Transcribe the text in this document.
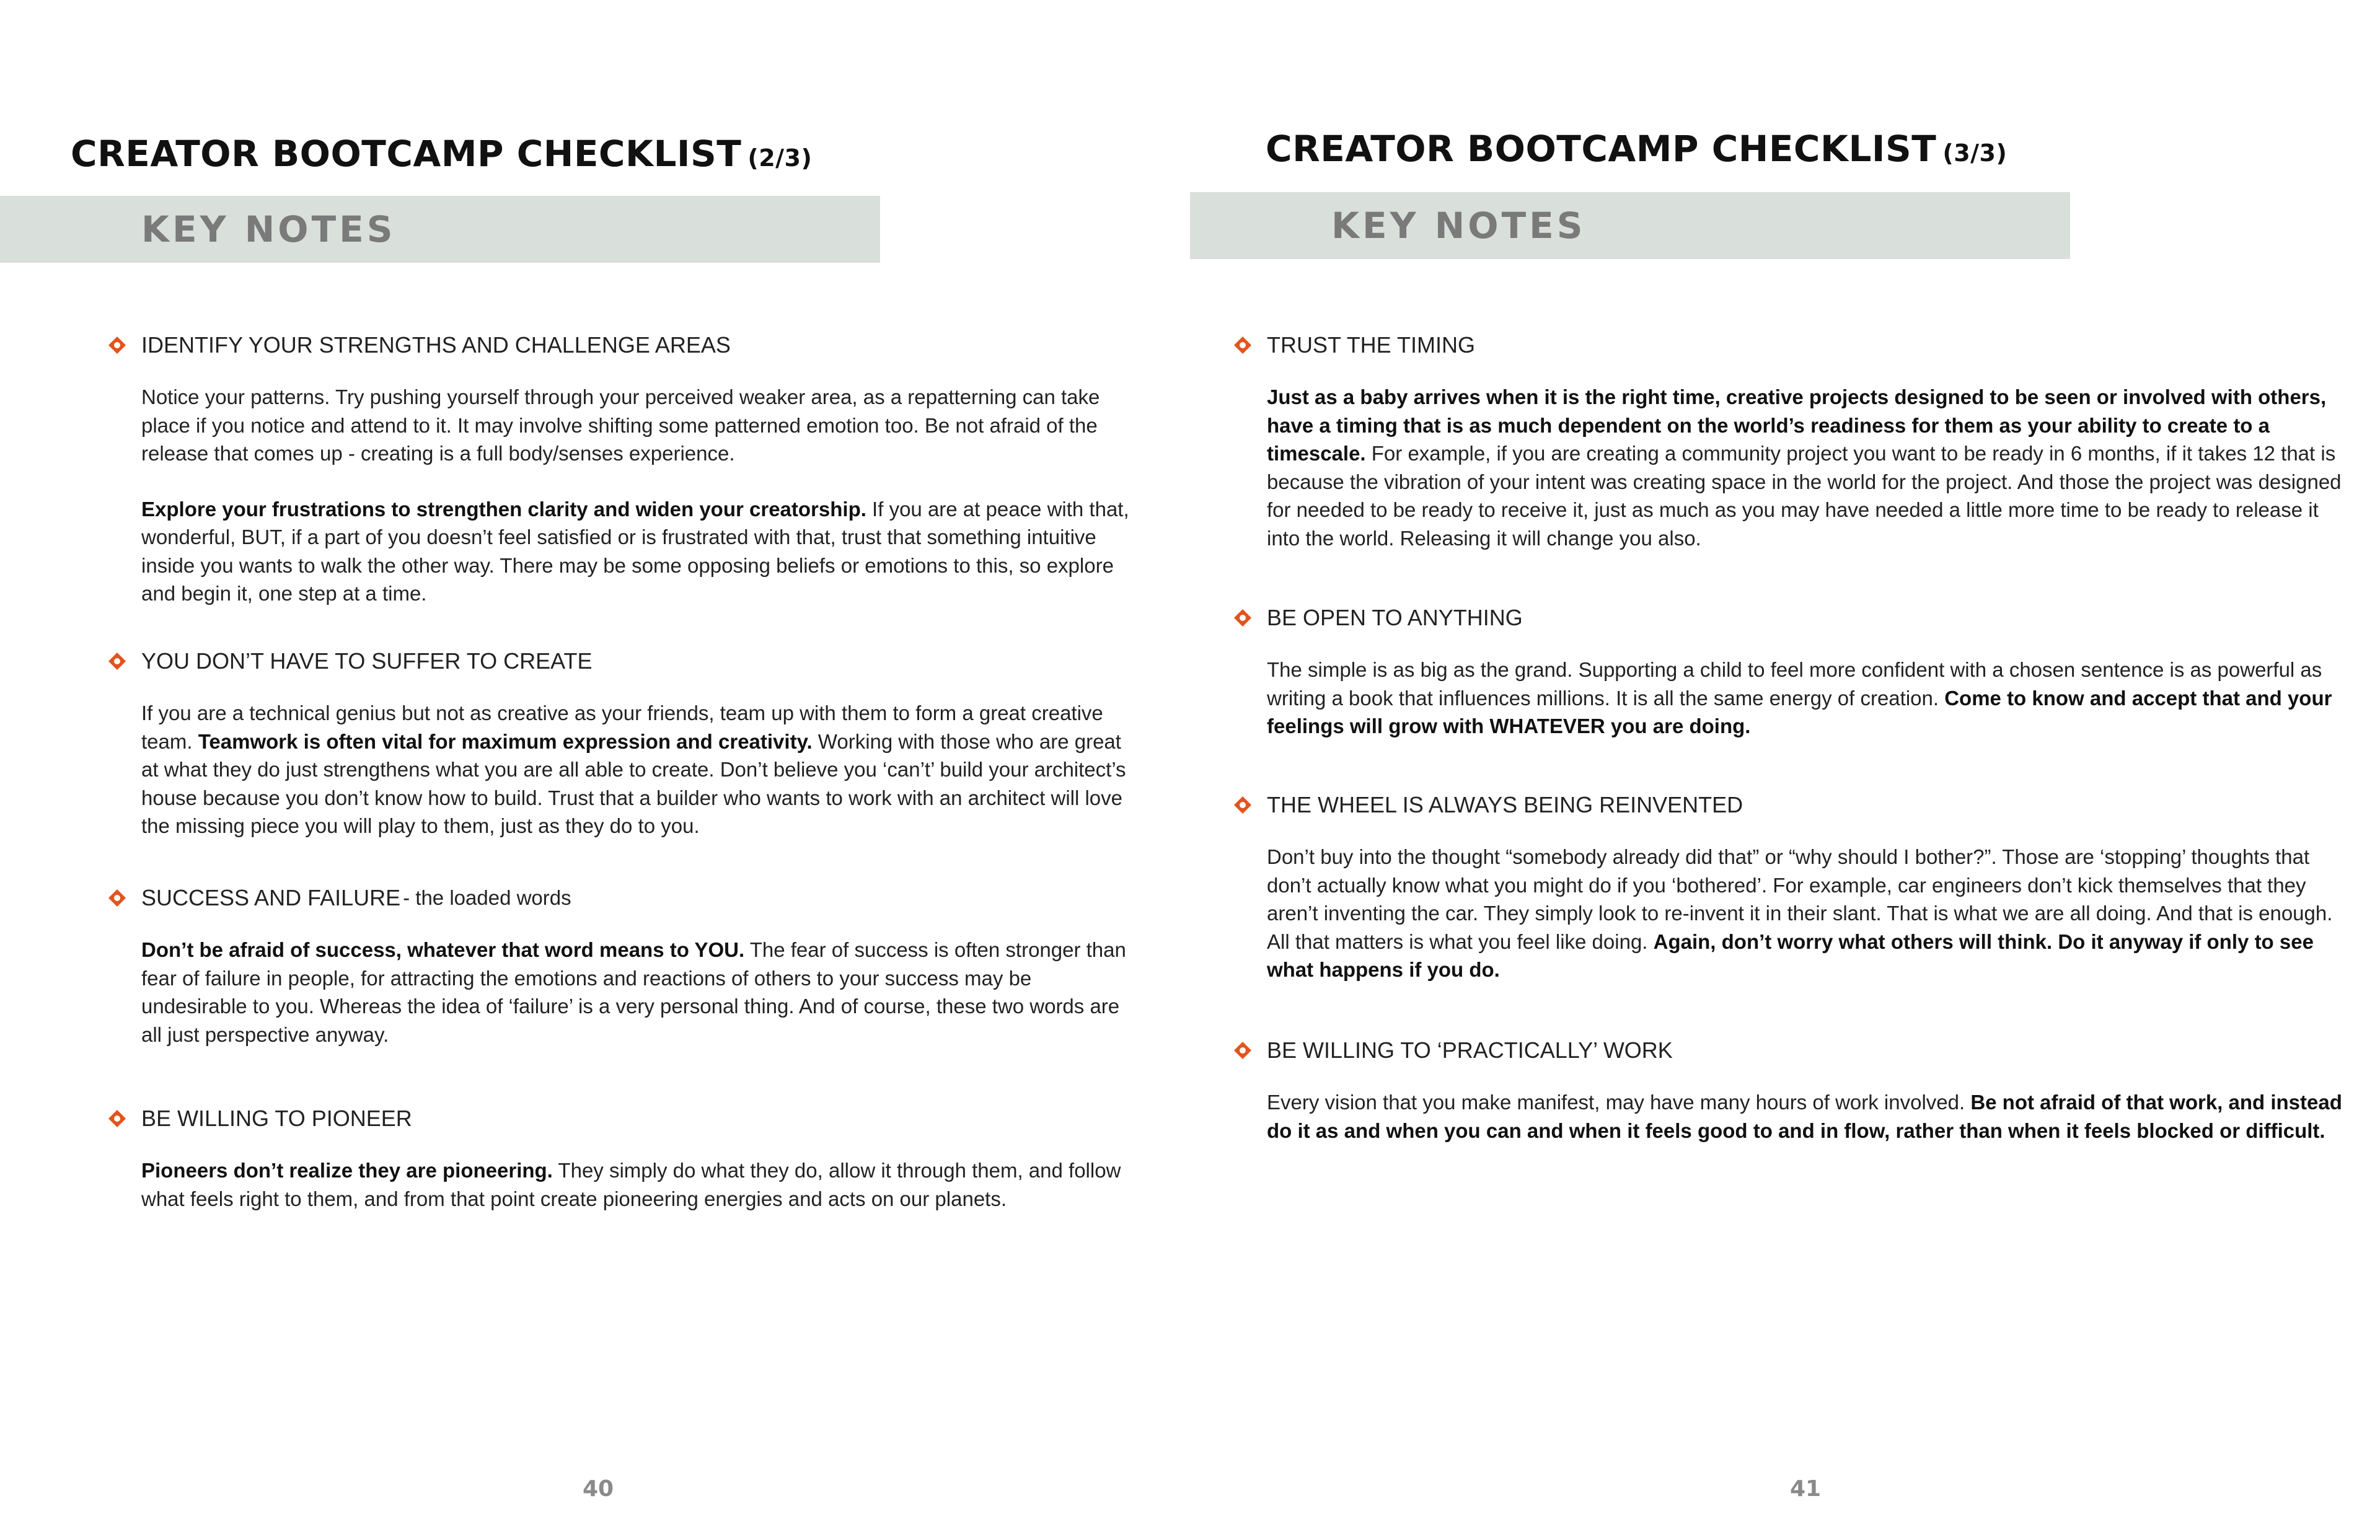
CREATOR BOOTCAMP CHECKLIST (2/3)
KEY NOTES
IDENTIFY YOUR STRENGTHS AND CHALLENGE AREAS

Notice your patterns. Try pushing yourself through your perceived weaker area, as a repatterning can take place if you notice and attend to it. It may involve shifting some patterned emotion too. Be not afraid of the release that comes up - creating is a full body/senses experience.

Explore your frustrations to strengthen clarity and widen your creatorship. If you are at peace with that, wonderful, BUT, if a part of you doesn’t feel satisfied or is frustrated with that, trust that something intuitive inside you wants to walk the other way. There may be some opposing beliefs or emotions to this, so explore and begin it, one step at a time.

YOU DON’T HAVE TO SUFFER TO CREATE

If you are a technical genius but not as creative as your friends, team up with them to form a great creative team. Teamwork is often vital for maximum expression and creativity. Working with those who are great at what they do just strengthens what you are all able to create. Don’t believe you ‘can’t’ build your architect’s house because you don’t know how to build. Trust that a builder who wants to work with an architect will love the missing piece you will play to them, just as they do to you.

SUCCESS AND FAILURE - the loaded words

Don’t be afraid of success, whatever that word means to YOU. The fear of success is often stronger than fear of failure in people, for attracting the emotions and reactions of others to your success may be undesirable to you. Whereas the idea of ‘failure’ is a very personal thing. And of course, these two words are all just perspective anyway.

BE WILLING TO PIONEER

Pioneers don’t realize they are pioneering. They simply do what they do, allow it through them, and follow what feels right to them, and from that point create pioneering energies and acts on our planets.

40
CREATOR BOOTCAMP CHECKLIST (3/3)
KEY NOTES
TRUST THE TIMING

Just as a baby arrives when it is the right time, creative projects designed to be seen or involved with others, have a timing that is as much dependent on the world’s readiness for them as your ability to create to a timescale. For example, if you are creating a community project you want to be ready in 6 months, if it takes 12 that is because the vibration of your intent was creating space in the world for the project. And those the project was designed for needed to be ready to receive it, just as much as you may have needed a little more time to be ready to release it into the world. Releasing it will change you also.

BE OPEN TO ANYTHING

The simple is as big as the grand. Supporting a child to feel more confident with a chosen sentence is as powerful as writing a book that influences millions. It is all the same energy of creation. Come to know and accept that and your feelings will grow with WHATEVER you are doing.

THE WHEEL IS ALWAYS BEING REINVENTED

Don’t buy into the thought “somebody already did that” or “why should I bother?”. Those are ‘stopping’ thoughts that don’t actually know what you might do if you ‘bothered’. For example, car engineers don’t kick themselves that they aren’t inventing the car. They simply look to re-invent it in their slant. That is what we are all doing. And that is enough. All that matters is what you feel like doing. Again, don’t worry what others will think. Do it anyway if only to see what happens if you do.

BE WILLING TO ‘PRACTICALLY’ WORK

Every vision that you make manifest, may have many hours of work involved. Be not afraid of that work, and instead do it as and when you can and when it feels good to and in flow, rather than when it feels blocked or difficult.

41
